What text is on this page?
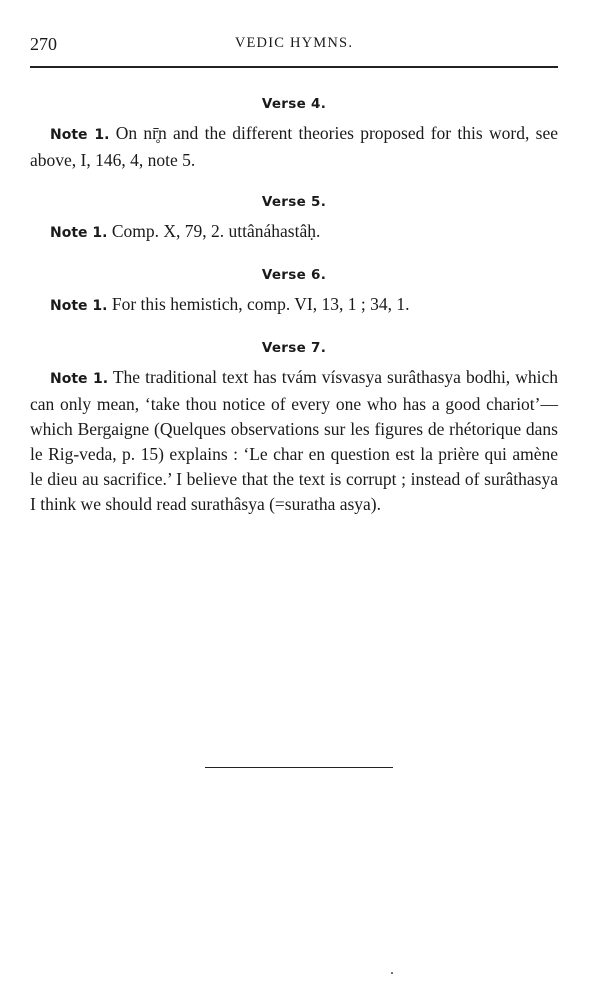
270	VEDIC HYMNS.

Verse 4.

Note 1. On nr̥̄n and the different theories proposed for this word, see above, I, 146, 4, note 5.

Verse 5.

Note 1. Comp. X, 79, 2. uttânáhastâḥ.

Verse 6.

Note 1. For this hemistich, comp. VI, 13, 1 ; 34, 1.

Verse 7.

Note 1. The traditional text has tvám vísvasya surâthasya bodhi, which can only mean, ‘take thou notice of every one who has a good chariot’—which Bergaigne (Quelques observations sur les figures de rhétorique dans le Rig-veda, p. 15) explains : ‘Le char en question est la prière qui amène le dieu au sacrifice.’ I believe that the text is corrupt ; instead of surâthasya I think we should read surathâsya (=suratha asya).
